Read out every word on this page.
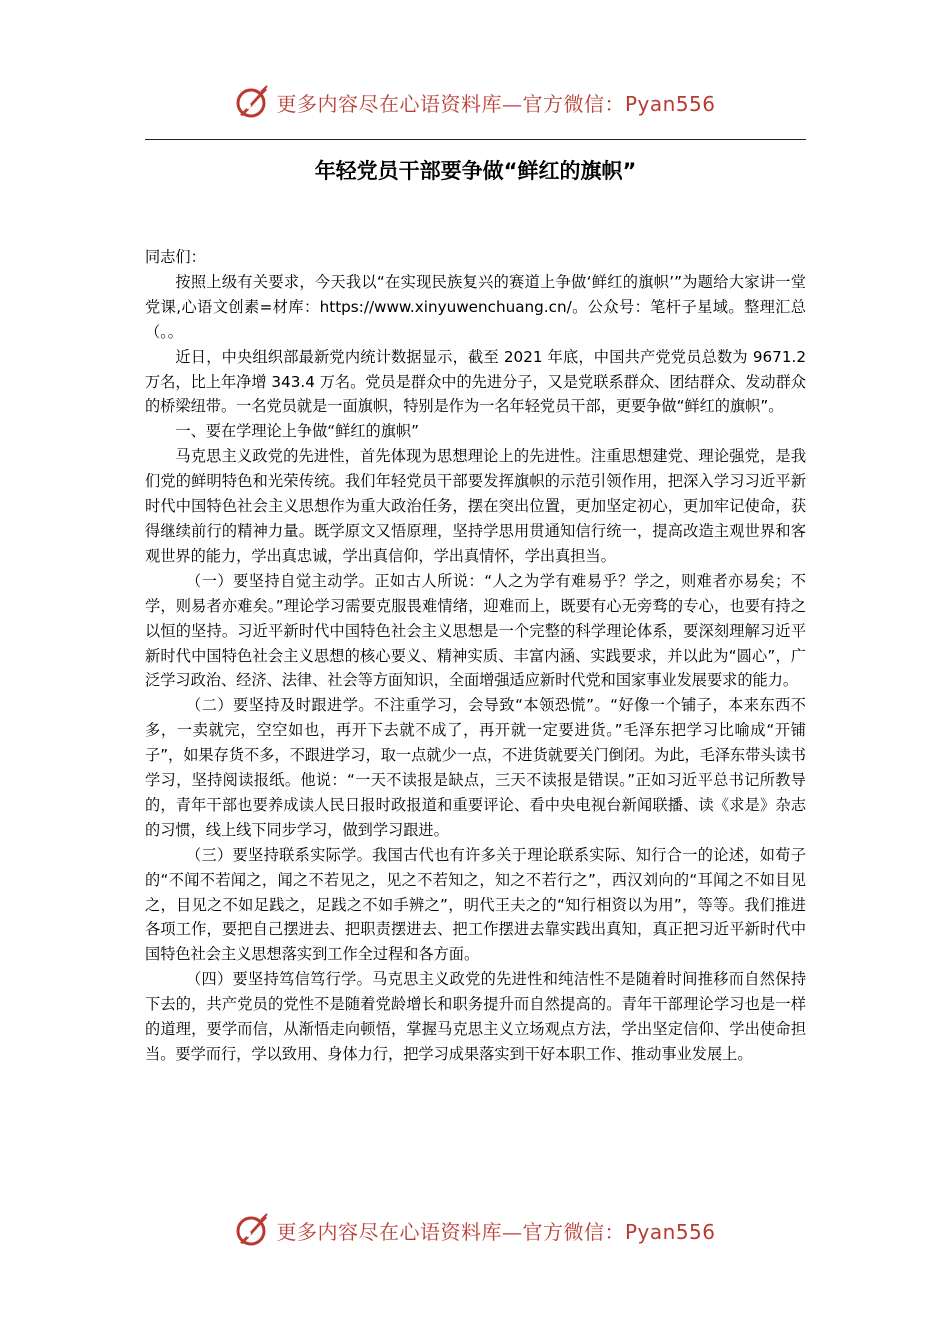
更多内容尽在心语资料库—官方微信：Pyan556
年轻党员干部要争做“鲜红的旗帜”

同志们：

按照上级有关要求，今天我以“在实现民族复兴的赛道上争做‘鲜红的旗帜’”为题给大家讲一堂党课,心语文创素=材库：https://www.xinyuwenchuang.cn/。公众号：笔杆子星域。整理汇总（。。

近日，中央组织部最新党内统计数据显示，截至 2021 年底，中国共产党党员总数为 9671.2 万名，比上年净增 343.4 万名。党员是群众中的先进分子，又是党联系群众、团结群众、发动群众的桥梁纽带。一名党员就是一面旗帜，特别是作为一名年轻党员干部，更要争做“鲜红的旗帜”。

一、要在学理论上争做“鲜红的旗帜”

马克思主义政党的先进性，首先体现为思想理论上的先进性。注重思想建党、理论强党，是我们党的鲜明特色和光荣传统。我们年轻党员干部要发挥旗帜的示范引领作用，把深入学习习近平新时代中国特色社会主义思想作为重大政治任务，摆在突出位置，更加坚定初心，更加牢记使命，获得继续前行的精神力量。既学原文又悟原理，坚持学思用贯通知信行统一，提高改造主观世界和客观世界的能力，学出真忠诚，学出真信仰，学出真情怀，学出真担当。

（一）要坚持自觉主动学。正如古人所说：“人之为学有难易乎？学之，则难者亦易矣；不学，则易者亦难矣。”理论学习需要克服畏难情绪，迎难而上，既要有心无旁骛的专心，也要有持之以恒的坚持。习近平新时代中国特色社会主义思想是一个完整的科学理论体系，要深刻理解习近平新时代中国特色社会主义思想的核心要义、精神实质、丰富内涵、实践要求，并以此为“圆心”，广泛学习政治、经济、法律、社会等方面知识，全面增强适应新时代党和国家事业发展要求的能力。

（二）要坚持及时跟进学。不注重学习，会导致“本领恐慌”。“好像一个铺子，本来东西不多，一卖就完，空空如也，再开下去就不成了，再开就一定要进货。”毛泽东把学习比喻成“开铺子”，如果存货不多，不跟进学习，取一点就少一点，不进货就要关门倒闭。为此，毛泽东带头读书学习，坚持阅读报纸。他说：“一天不读报是缺点，三天不读报是错误。”正如习近平总书记所教导的，青年干部也要养成读人民日报时政报道和重要评论、看中央电视台新闻联播、读《求是》杂志的习惯，线上线下同步学习，做到学习跟进。

（三）要坚持联系实际学。我国古代也有许多关于理论联系实际、知行合一的论述，如荀子的“不闻不若闻之，闻之不若见之，见之不若知之，知之不若行之”，西汉刘向的“耳闻之不如目见之，目见之不如足践之，足践之不如手辨之”，明代王夫之的“知行相资以为用”，等等。我们推进各项工作，要把自己摆进去、把职责摆进去、把工作摆进去靠实践出真知，真正把习近平新时代中国特色社会主义思想落实到工作全过程和各方面。

（四）要坚持笃信笃行学。马克思主义政党的先进性和纯洁性不是随着时间推移而自然保持下去的，共产党员的党性不是随着党龄增长和职务提升而自然提高的。青年干部理论学习也是一样的道理，要学而信，从渐悟走向顿悟，掌握马克思主义立场观点方法，学出坚定信仰、学出使命担当。要学而行，学以致用、身体力行，把学习成果落实到干好本职工作、推动事业发展上。

更多内容尽在心语资料库—官方微信：Pyan556
